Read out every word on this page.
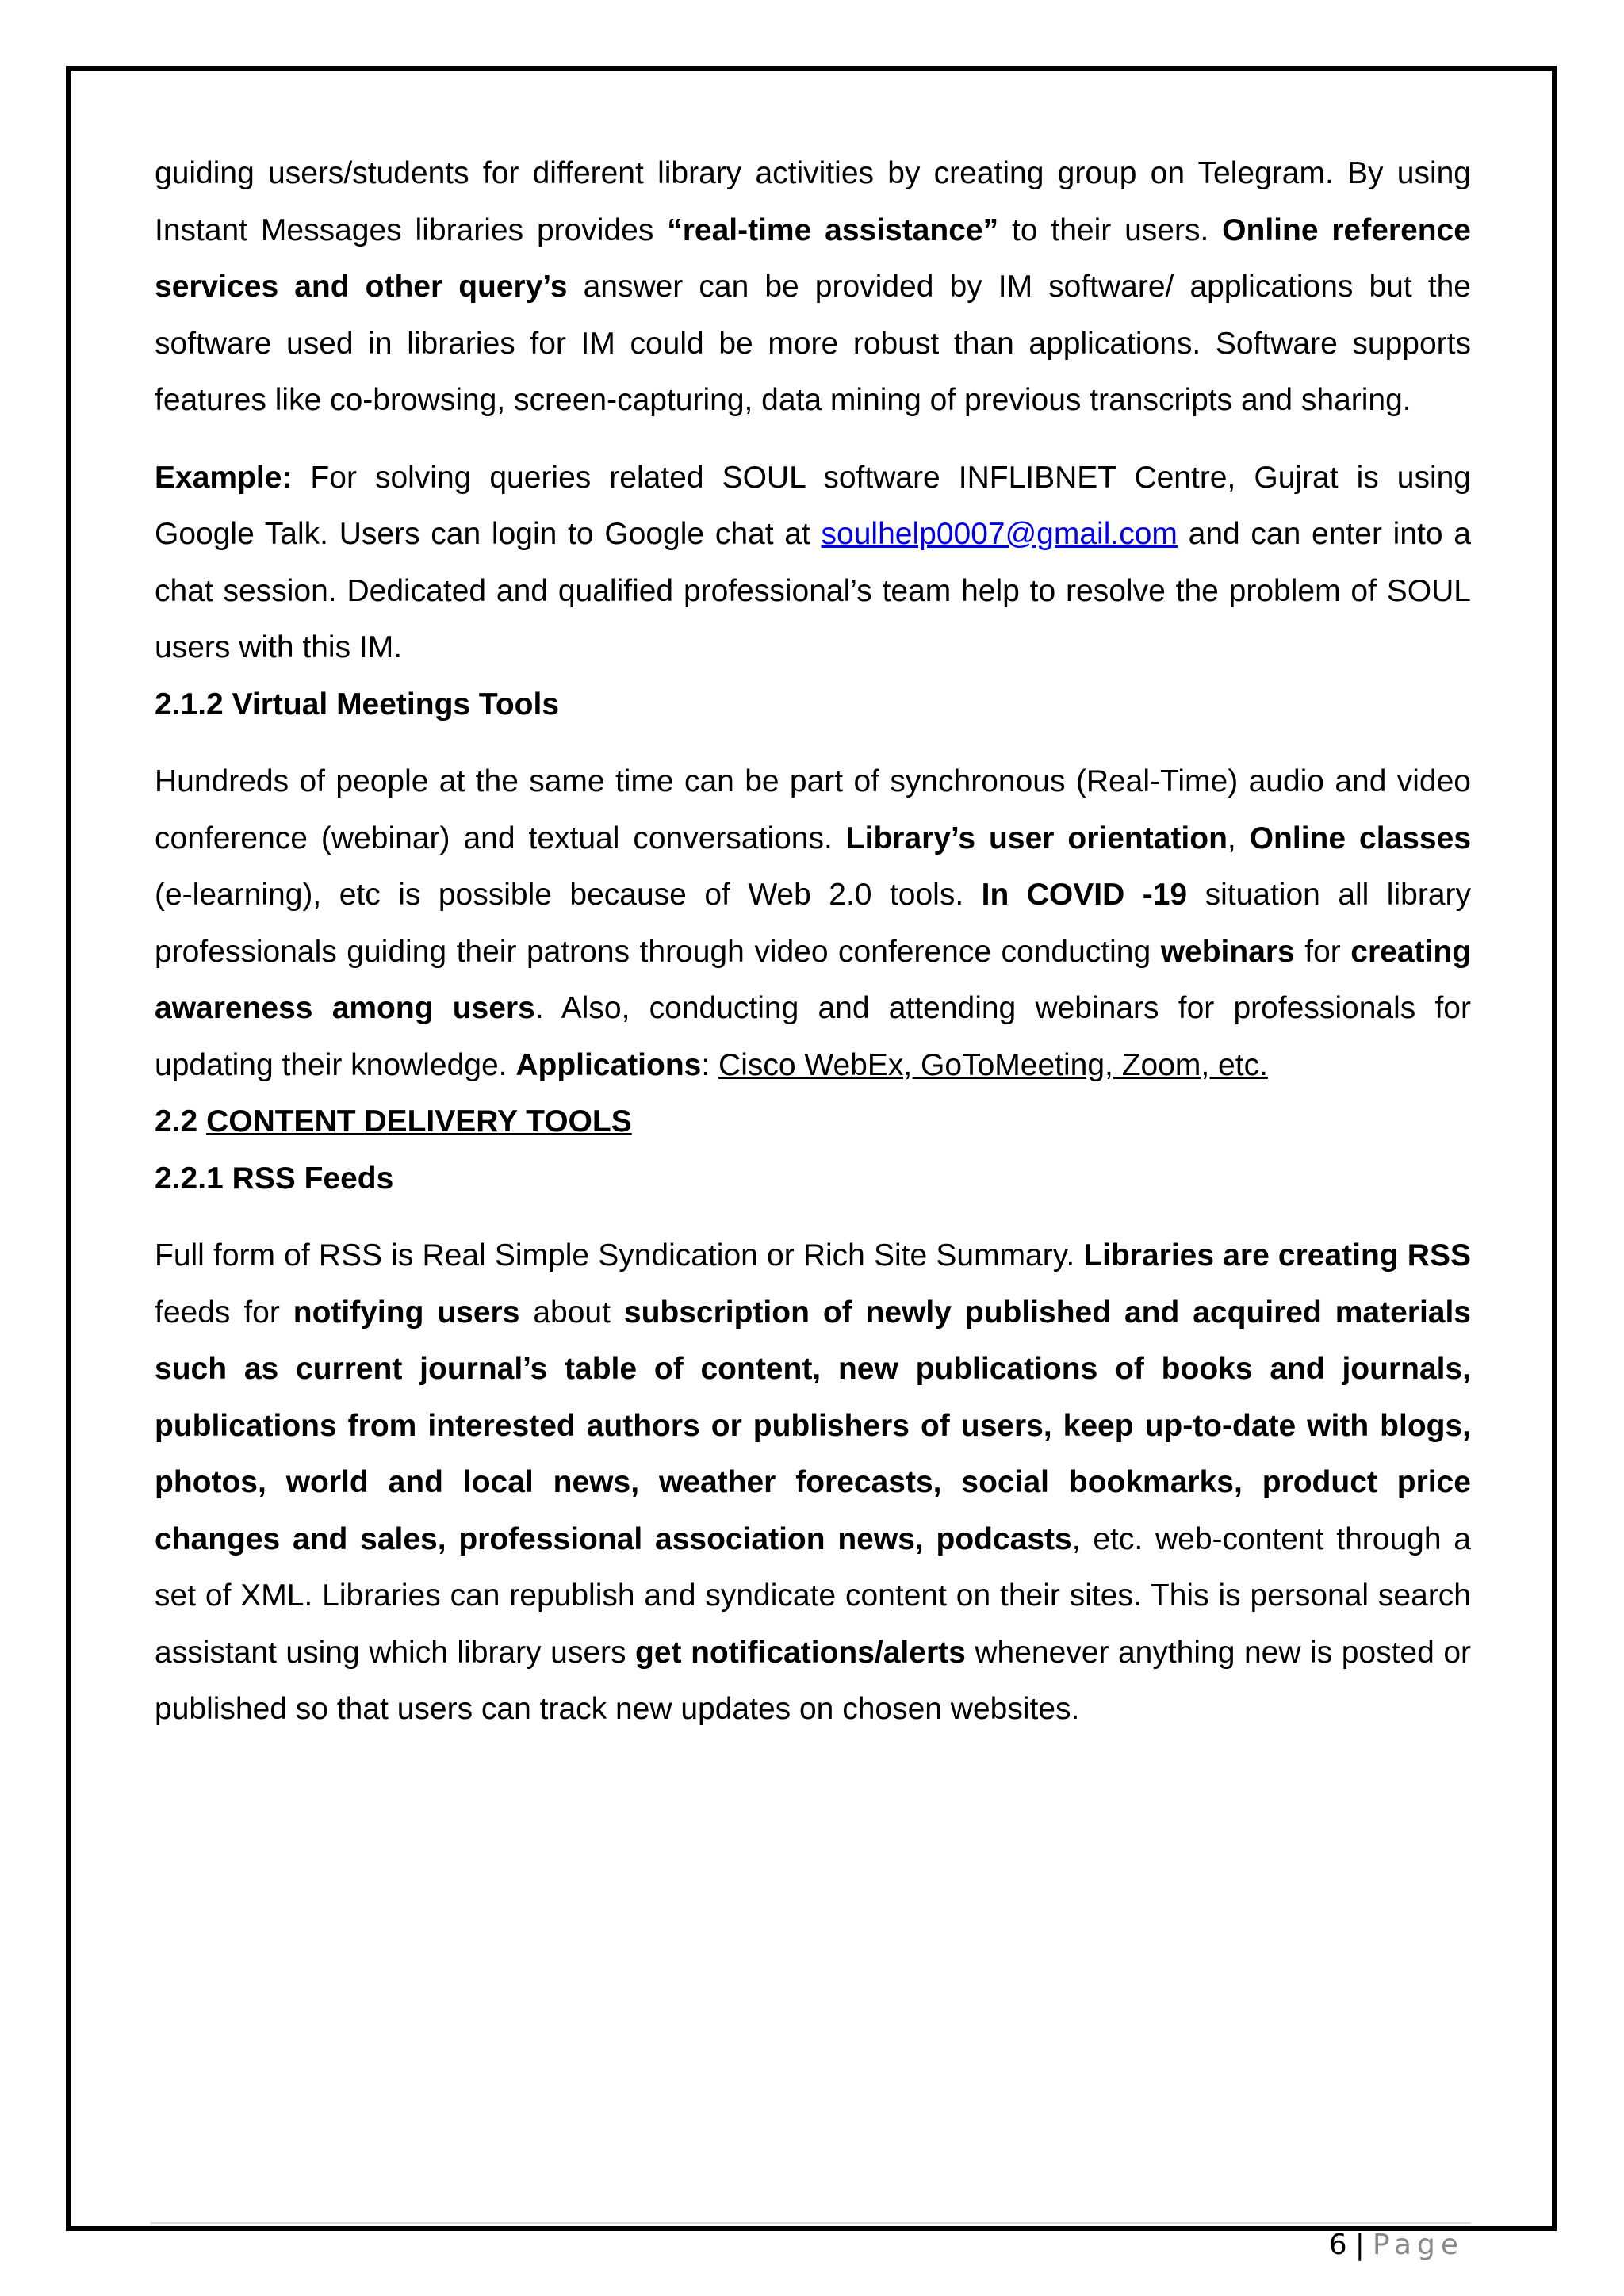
guiding users/students for different library activities by creating group on Telegram. By using Instant Messages libraries provides “real-time assistance” to their users. Online reference services and other query’s answer can be provided by IM software/ applications but the software used in libraries for IM could be more robust than applications. Software supports features like co-browsing, screen-capturing, data mining of previous transcripts and sharing.

Example: For solving queries related SOUL software INFLIBNET Centre, Gujrat is using Google Talk. Users can login to Google chat at soulhelp0007@gmail.com and can enter into a chat session. Dedicated and qualified professional’s team help to resolve the problem of SOUL users with this IM.

2.1.2 Virtual Meetings Tools

Hundreds of people at the same time can be part of synchronous (Real-Time) audio and video conference (webinar) and textual conversations. Library’s user orientation, Online classes (e-learning), etc is possible because of Web 2.0 tools. In COVID -19 situation all library professionals guiding their patrons through video conference conducting webinars for creating awareness among users. Also, conducting and attending webinars for professionals for updating their knowledge. Applications: Cisco WebEx, GoToMeeting, Zoom, etc.

2.2 CONTENT DELIVERY TOOLS
2.2.1 RSS Feeds

Full form of RSS is Real Simple Syndication or Rich Site Summary. Libraries are creating RSS feeds for notifying users about subscription of newly published and acquired materials such as current journal’s table of content, new publications of books and journals, publications from interested authors or publishers of users, keep up-to-date with blogs, photos, world and local news, weather forecasts, social bookmarks, product price changes and sales, professional association news, podcasts, etc. web-content through a set of XML. Libraries can republish and syndicate content on their sites. This is personal search assistant using which library users get notifications/alerts whenever anything new is posted or published so that users can track new updates on chosen websites.

6 | Page
